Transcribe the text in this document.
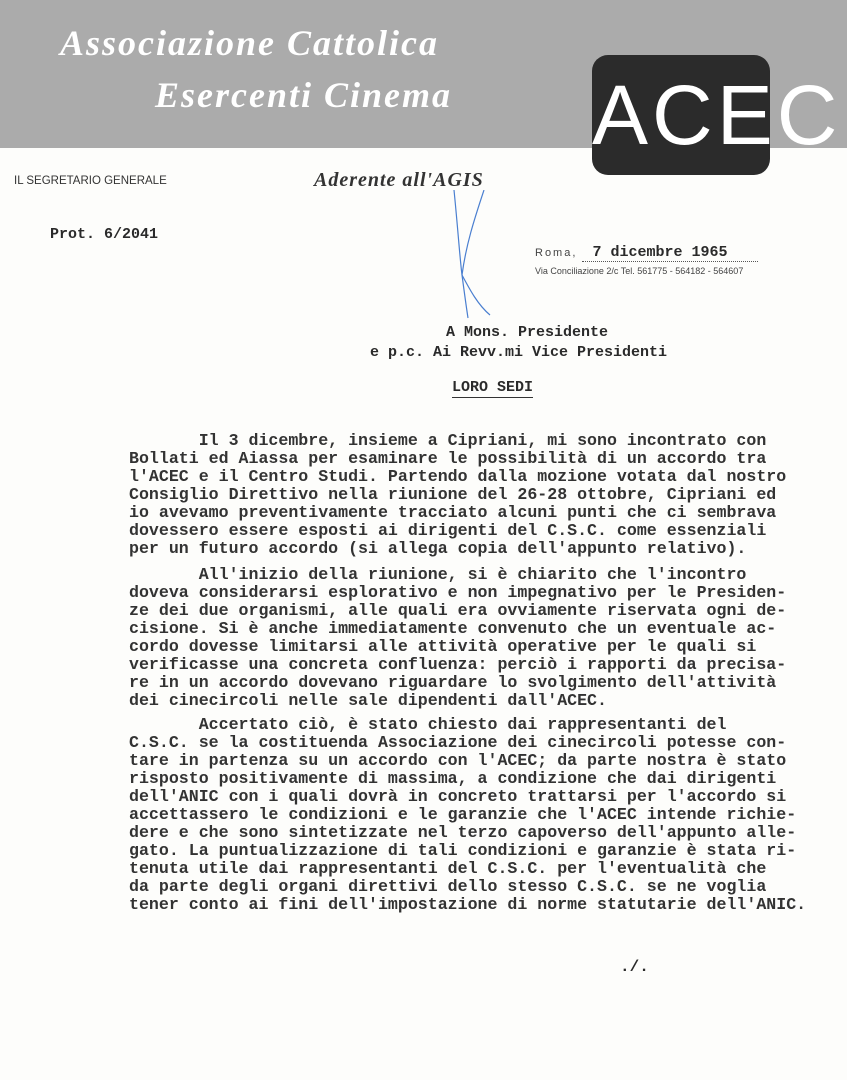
Associazione Cattolica
Esercenti Cinema ACEC
IL SEGRETARIO GENERALE	Aderente all'AGIS
Prot. 6/2041
Roma, 7 dicembre 1965
Via Conciliazione 2/c Tel. 561775 - 564182 - 564607
A Mons. Presidente
e p.c. Ai Revv.mi Vice Presidenti
LORO SEDI
Il 3 dicembre, insieme a Cipriani, mi sono incontrato con
Bollati ed Aiassa per esaminare le possibilità di un accordo tra
l'ACEC e il Centro Studi. Partendo dalla mozione votata dal nostro
Consiglio Direttivo nella riunione del 26-28 ottobre, Cipriani ed
io avevamo preventivamente tracciato alcuni punti che ci sembrava
dovessero essere esposti ai dirigenti del C.S.C. come essenziali
per un futuro accordo (si allega copia dell'appunto relativo).
All'inizio della riunione, si è chiarito che l'incontro
doveva considerarsi esplorativo e non impegnativo per le Presiden-
ze dei due organismi, alle quali era ovviamente riservata ogni de-
cisione. Si è anche immediatamente convenuto che un eventuale ac-
cordo dovesse limitarsi alle attività operative per le quali si
verificasse una concreta confluenza: perciò i rapporti da precisa-
re in un accordo dovevano riguardare lo svolgimento dell'attività
dei cinecircoli nelle sale dipendenti dall'ACEC.
Accertato ciò, è stato chiesto dai rappresentanti del
C.S.C. se la costituenda Associazione dei cinecircoli potesse con-
tare in partenza su un accordo con l'ACEC; da parte nostra è stato
risposto positivamente di massima, a condizione che dai dirigenti
dell'ANIC con i quali dovrà in concreto trattarsi per l'accordo si
accettassero le condizioni e le garanzie che l'ACEC intende richie-
dere e che sono sintetizzate nel terzo capoverso dell'appunto alle-
gato. La puntualizzazione di tali condizioni e garanzie è stata ri-
tenuta utile dai rappresentanti del C.S.C. per l'eventualità che
da parte degli organi direttivi dello stesso C.S.C. se ne voglia
tener conto ai fini dell'impostazione di norme statutarie dell'ANIC.
./.
